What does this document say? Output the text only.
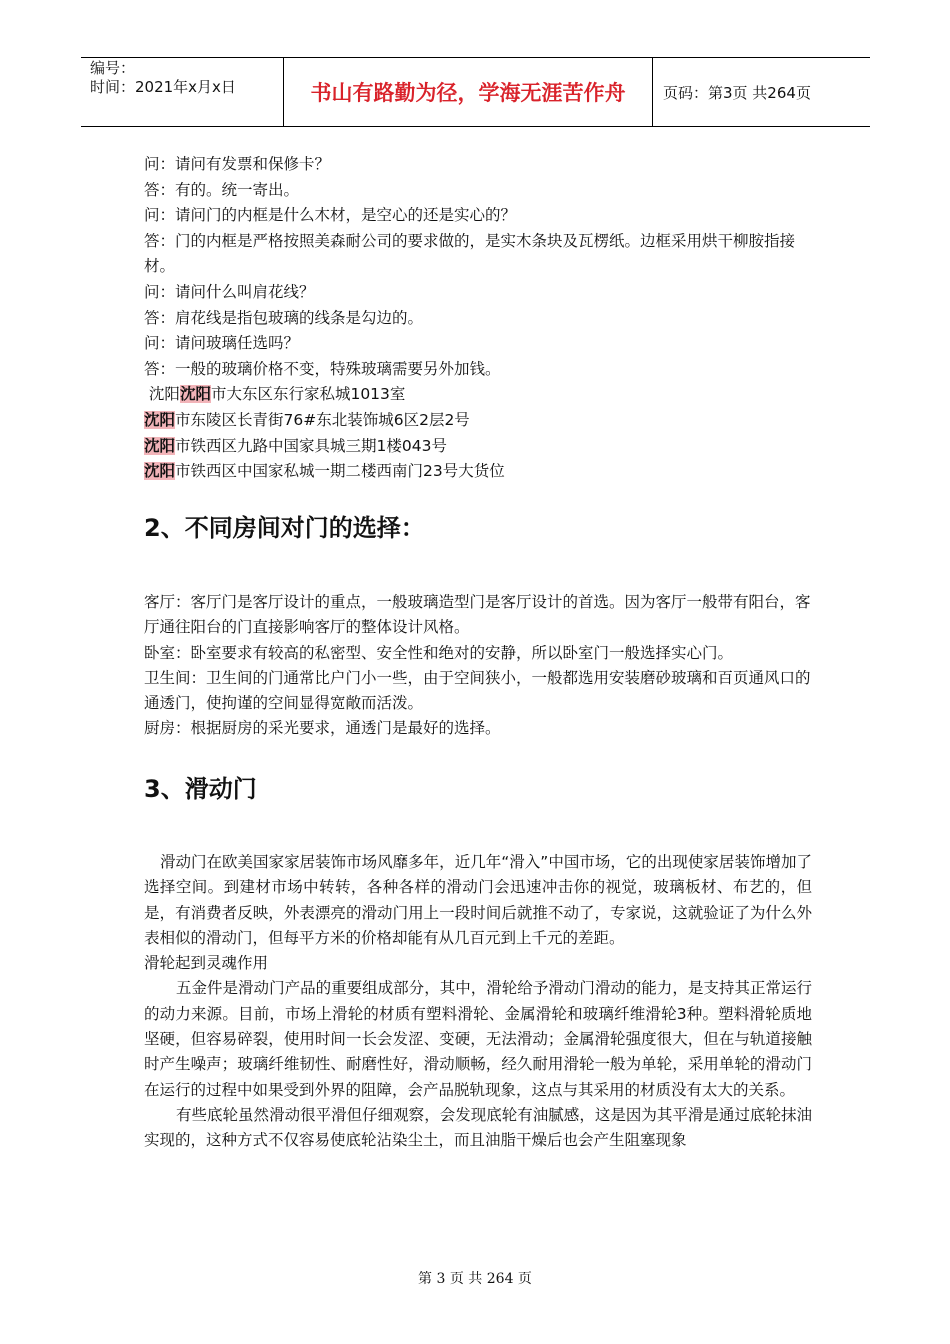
编号：
时间：2021年x月x日	书山有路勤为径，学海无涯苦作舟	页码：第3页 共264页

问：请问有发票和保修卡？

答：有的。统一寄出。

问：请问门的内框是什么木材，是空心的还是实心的？

答：门的内框是严格按照美森耐公司的要求做的，是实木条块及瓦楞纸。边框采用烘干柳胺指接材。

问：请问什么叫肩花线？

答：肩花线是指包玻璃的线条是勾边的。

问：请问玻璃任选吗？

答：一般的玻璃价格不变，特殊玻璃需要另外加钱。

沈阳沈阳市大东区东行家私城1013室

沈阳市东陵区长青街76#东北装饰城6区2层2号

沈阳市铁西区九路中国家具城三期1楼043号

沈阳市铁西区中国家私城一期二楼西南门23号大货位

2、不同房间对门的选择：

客厅：客厅门是客厅设计的重点，一般玻璃造型门是客厅设计的首选。因为客厅一般带有阳台，客厅通往阳台的门直接影响客厅的整体设计风格。

卧室：卧室要求有较高的私密型、安全性和绝对的安静，所以卧室门一般选择实心门。

卫生间：卫生间的门通常比户门小一些，由于空间狭小，一般都选用安装磨砂玻璃和百页通风口的通透门，使拘谨的空间显得宽敞而活泼。

厨房：根据厨房的采光要求，通透门是最好的选择。

3、滑动门

滑动门在欧美国家家居装饰市场风靡多年，近几年“滑入”中国市场，它的出现使家居装饰增加了选择空间。到建材市场中转转，各种各样的滑动门会迅速冲击你的视觉，玻璃板材、布艺的，但是，有消费者反映，外表漂亮的滑动门用上一段时间后就推不动了，专家说，这就验证了为什么外表相似的滑动门，但每平方米的价格却能有从几百元到上千元的差距。

滑轮起到灵魂作用

五金件是滑动门产品的重要组成部分，其中，滑轮给予滑动门滑动的能力，是支持其正常运行的动力来源。目前，市场上滑轮的材质有塑料滑轮、金属滑轮和玻璃纤维滑轮3种。塑料滑轮质地坚硬，但容易碎裂，使用时间一长会发涩、变硬，无法滑动；金属滑轮强度很大，但在与轨道接触时产生噪声；玻璃纤维韧性、耐磨性好，滑动顺畅，经久耐用滑轮一般为单轮，采用单轮的滑动门在运行的过程中如果受到外界的阻障，会产品脱轨现象，这点与其采用的材质没有太大的关系。

有些底轮虽然滑动很平滑但仔细观察，会发现底轮有油腻感，这是因为其平滑是通过底轮抹油实现的，这种方式不仅容易使底轮沾染尘土，而且油脂干燥后也会产生阻塞现象

第 3 页 共 264 页
